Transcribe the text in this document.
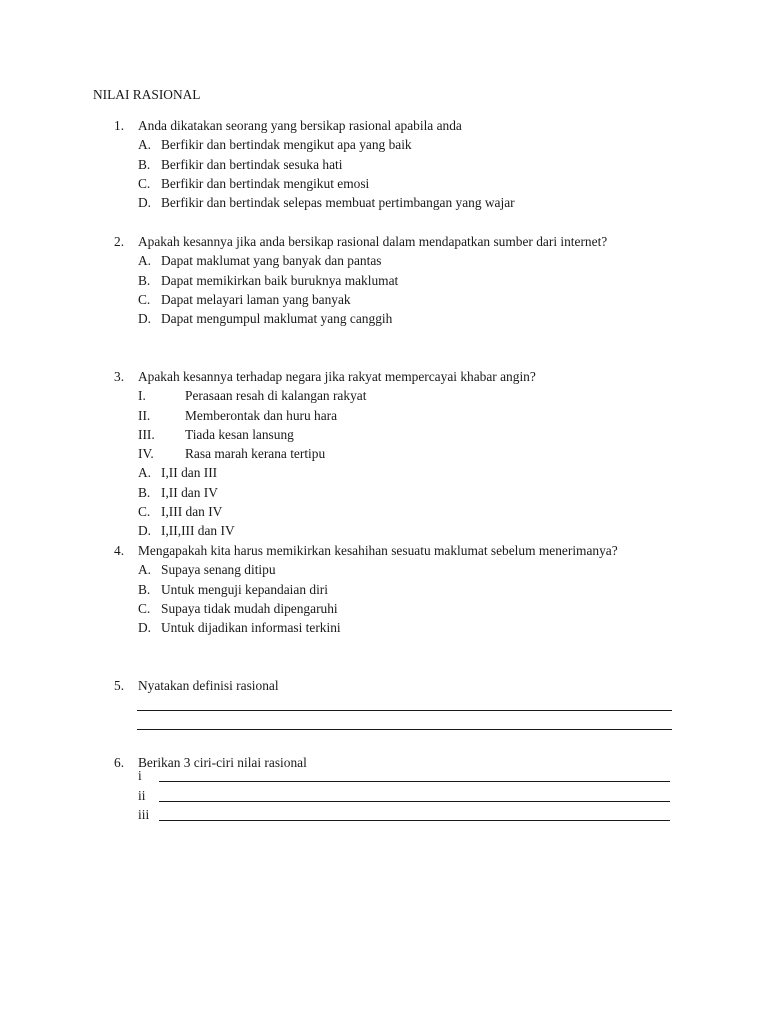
NILAI RASIONAL
1. Anda dikatakan seorang yang bersikap rasional apabila anda
A. Berfikir dan bertindak mengikut apa yang baik
B. Berfikir dan bertindak sesuka hati
C. Berfikir dan bertindak mengikut emosi
D. Berfikir dan bertindak selepas membuat pertimbangan yang wajar
2. Apakah kesannya jika anda bersikap rasional dalam mendapatkan sumber dari internet?
A. Dapat maklumat yang banyak dan pantas
B. Dapat memikirkan baik buruknya maklumat
C. Dapat melayari laman yang banyak
D. Dapat mengumpul maklumat yang canggih
3. Apakah kesannya terhadap negara jika rakyat mempercayai khabar angin?
I.	Perasaan resah di kalangan rakyat
II.	Memberontak dan huru hara
III. Tiada kesan lansung
IV. Rasa marah kerana tertipu
A. I,II dan III
B. I,II dan IV
C. I,III dan IV
D. I,II,III dan IV
4. Mengapakah kita harus memikirkan kesahihan sesuatu maklumat sebelum menerimanya?
A. Supaya senang ditipu
B. Untuk menguji kepandaian diri
C. Supaya tidak mudah dipengaruhi
D. Untuk dijadikan informasi terkini
5. Nyatakan definisi rasional
6. Berikan 3 ciri-ciri nilai rasional
i
ii
iii
